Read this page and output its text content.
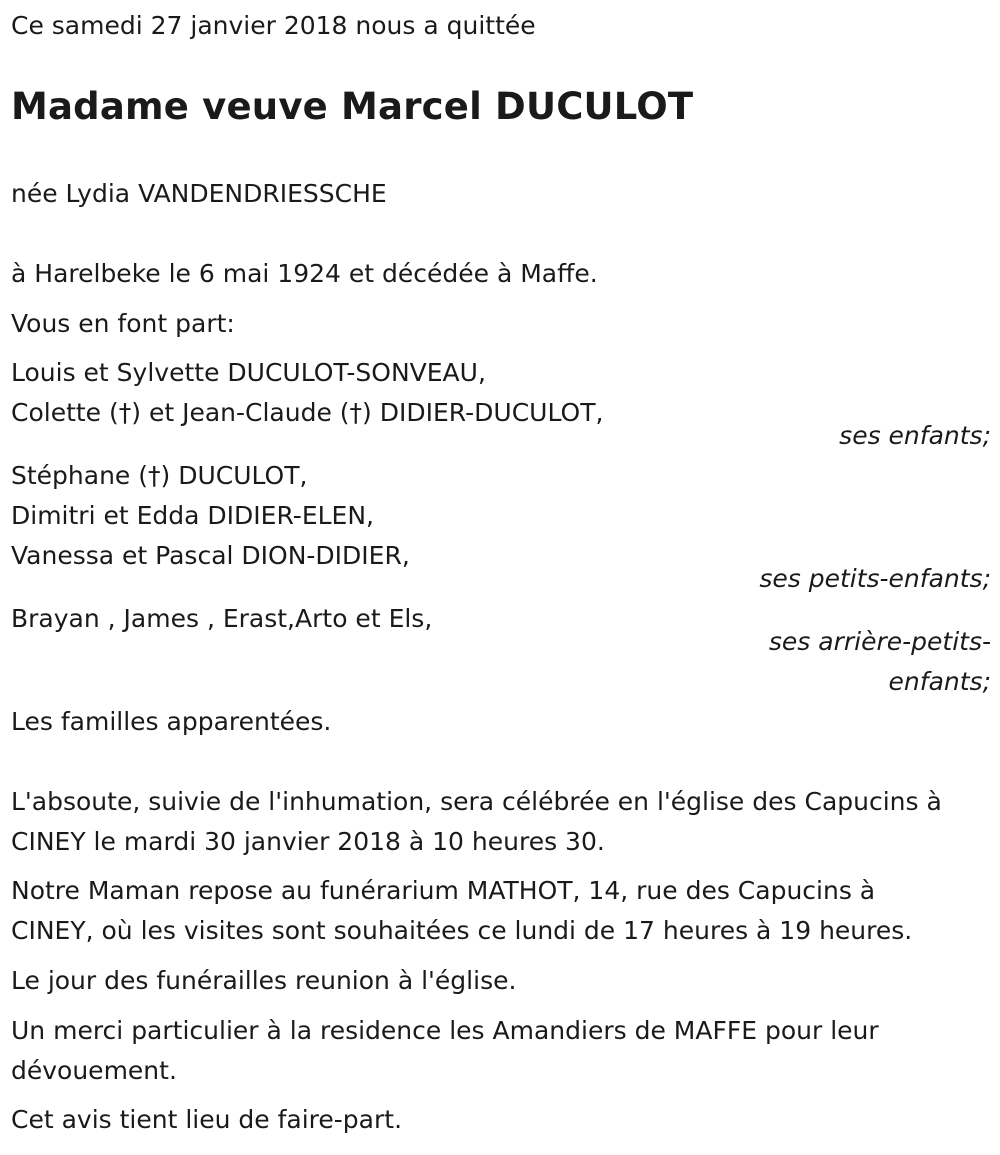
Ce samedi 27 janvier 2018 nous a quittée
Madame veuve Marcel DUCULOT
née Lydia VANDENDRIESSCHE
à Harelbeke le 6 mai 1924 et décédée à Maffe.
Vous en font part:
Louis et Sylvette DUCULOT-SONVEAU,
Colette (†) et Jean-Claude (†) DIDIER-DUCULOT,
ses enfants;
Stéphane (†) DUCULOT,
Dimitri et Edda DIDIER-ELEN,
Vanessa et Pascal DION-DIDIER,
ses petits-enfants;
Brayan , James , Erast,Arto et Els,
ses arrière-petits-
enfants;
Les familles apparentées.
L'absoute, suivie de l'inhumation, sera célébrée en l'église des Capucins à
CINEY le mardi 30 janvier 2018 à 10 heures 30.
Notre Maman repose au funérarium MATHOT, 14, rue des Capucins à
CINEY, où les visites sont souhaitées ce lundi de 17 heures à 19 heures.
Le jour des funérailles reunion à l'église.
Un merci particulier à la residence les Amandiers de MAFFE pour leur
dévouement.
Cet avis tient lieu de faire-part.
